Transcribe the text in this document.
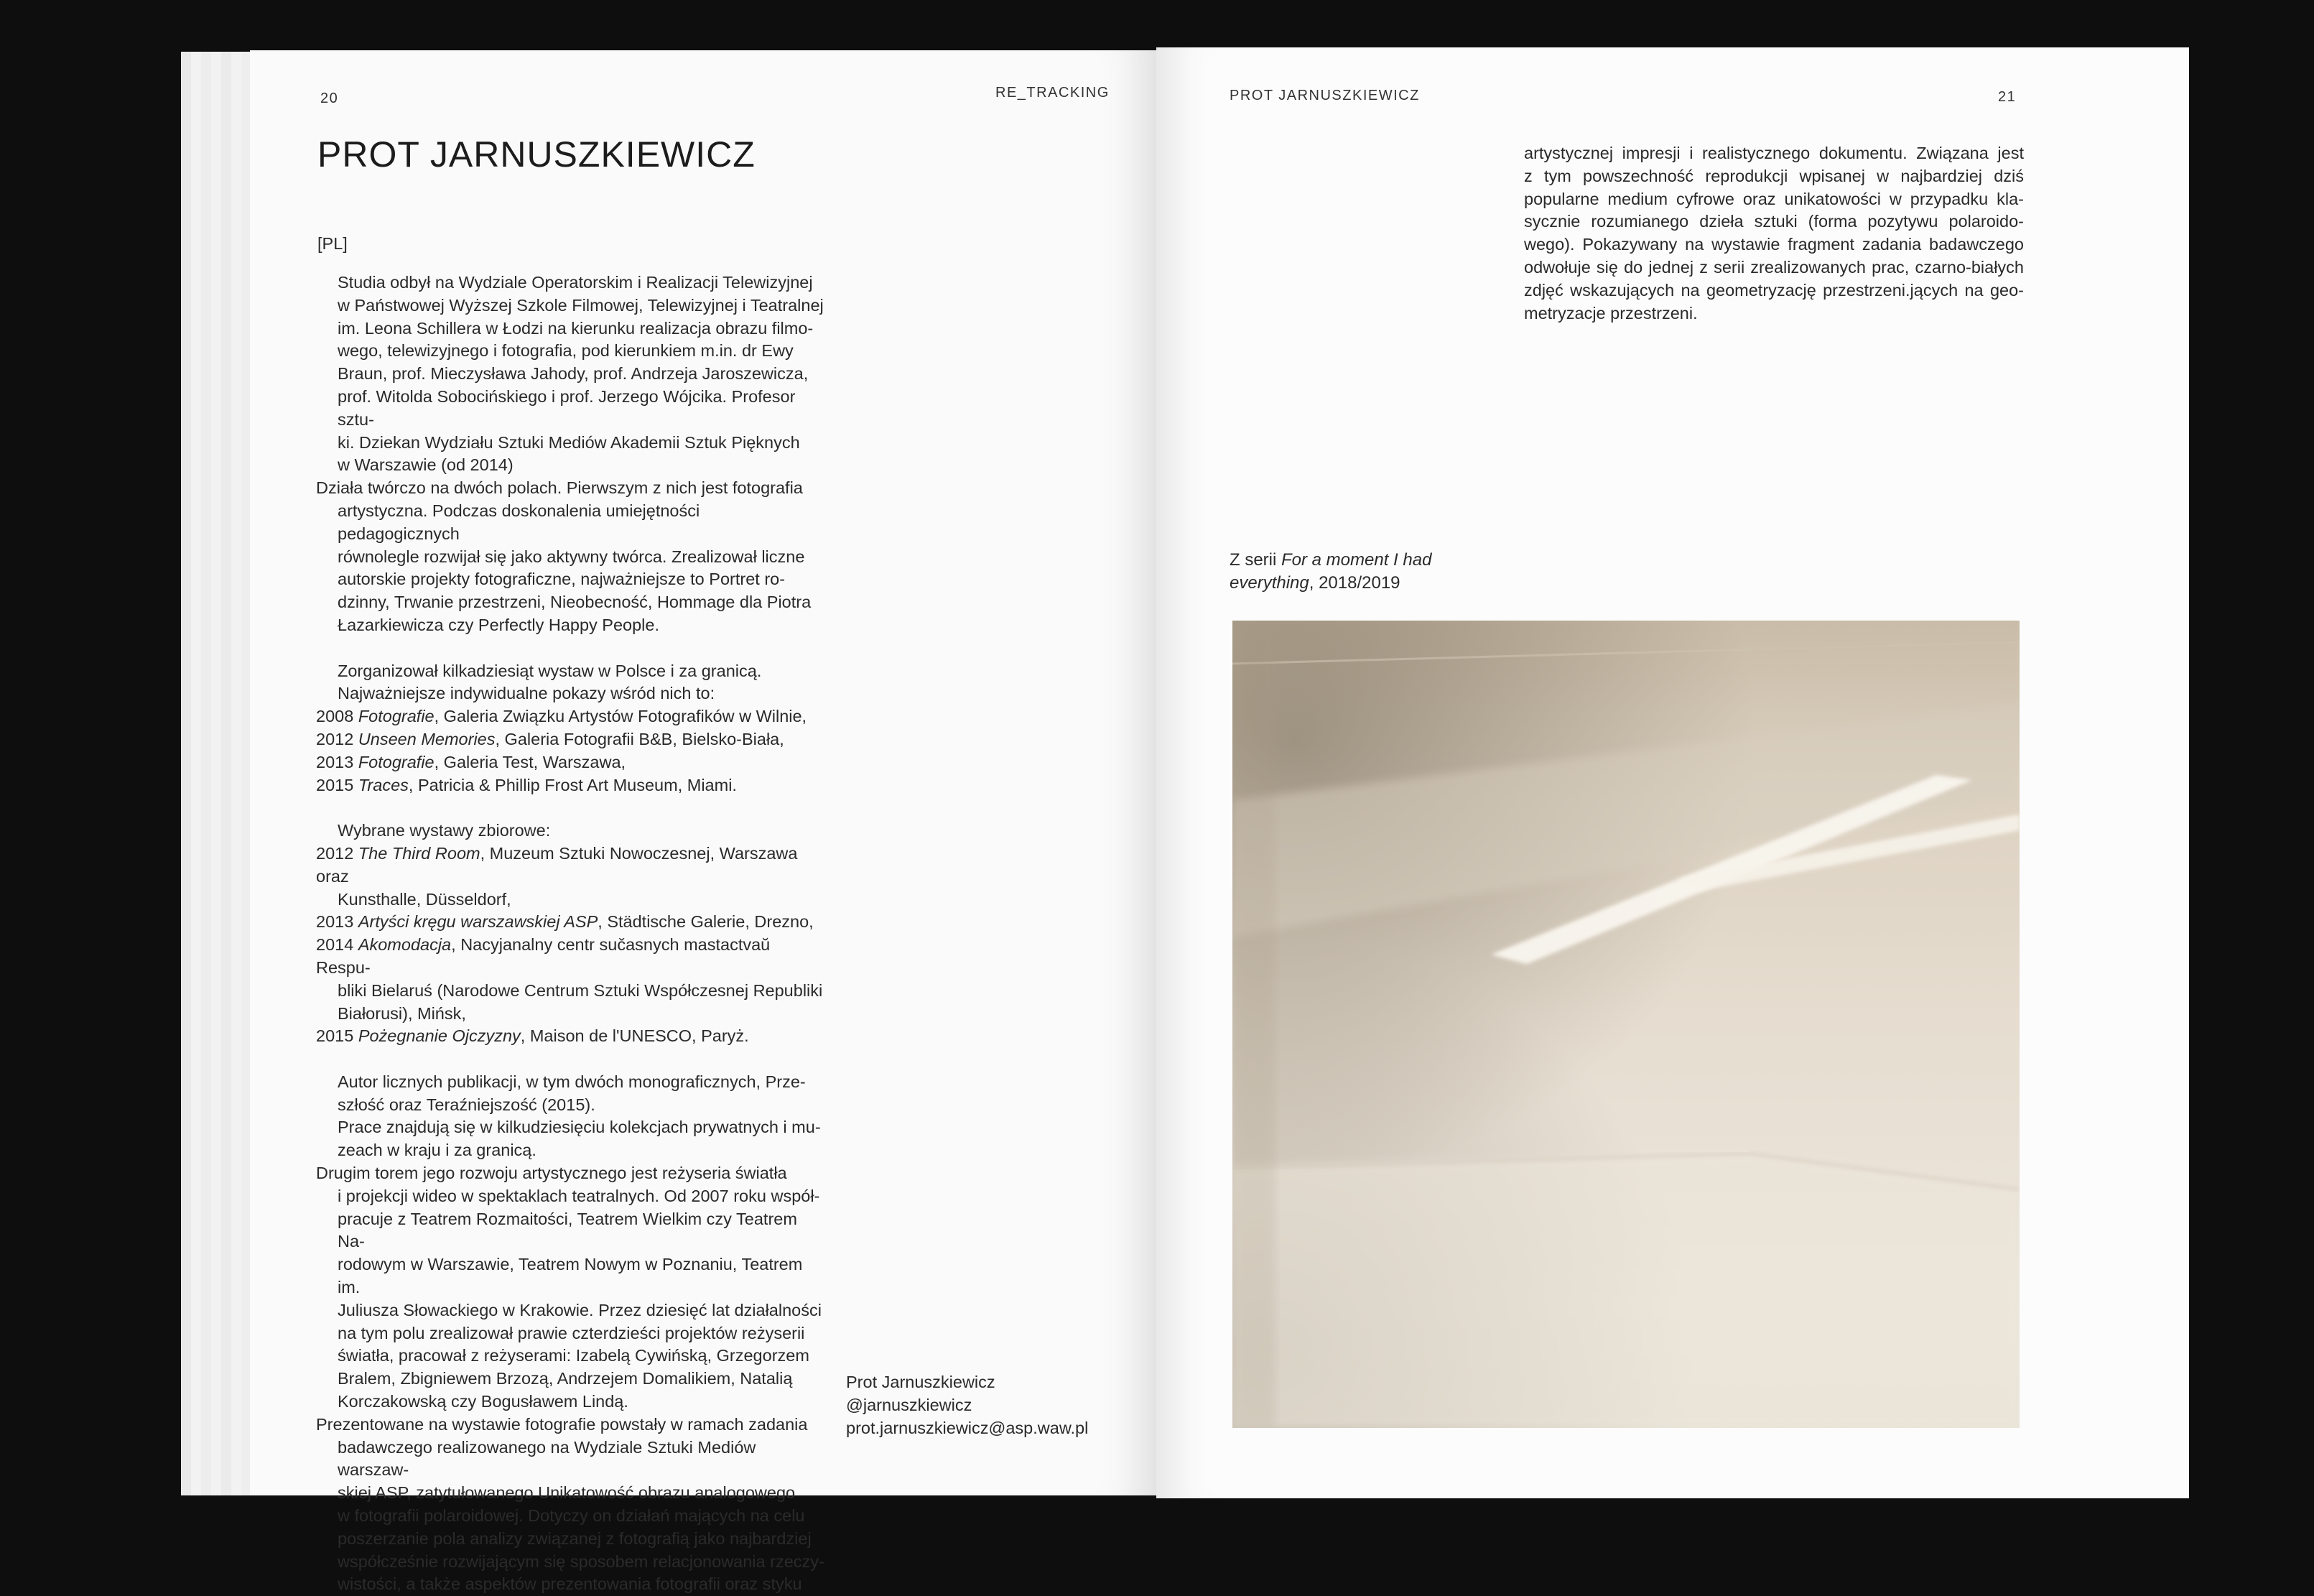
20	RE_TRACKING
PROT JARNUSZKIEWICZ
[PL]

Studia odbył na Wydziale Operatorskim i Realizacji Telewizyjnej

w Państwowej Wyższej Szkole Filmowej, Telewizyjnej i Teatralnej

im. Leona Schillera w Łodzi na kierunku realizacja obrazu filmo-

wego, telewizyjnego i fotografia, pod kierunkiem m.in. dr Ewy

Braun, prof. Mieczysława Jahody, prof. Andrzeja Jaroszewicza,

prof. Witolda Sobocińskiego i prof. Jerzego Wójcika. Profesor sztu-

ki. Dziekan Wydziału Sztuki Mediów Akademii Sztuk Pięknych

w Warszawie (od 2014)

Działa twórczo na dwóch polach. Pierwszym z nich jest fotografia

artystyczna. Podczas doskonalenia umiejętności pedagogicznych

równolegle rozwijał się jako aktywny twórca. Zrealizował liczne

autorskie projekty fotograficzne, najważniejsze to Portret ro-

dzinny, Trwanie przestrzeni, Nieobecność, Hommage dla Piotra

Łazarkiewicza czy Perfectly Happy People.

Zorganizował kilkadziesiąt wystaw w Polsce i za granicą.

Najważniejsze indywidualne pokazy wśród nich to:

2008 Fotografie, Galeria Związku Artystów Fotografików w Wilnie,

2012 Unseen Memories, Galeria Fotografii B&B, Bielsko-Biała,

2013 Fotografie, Galeria Test, Warszawa,

2015 Traces, Patricia & Phillip Frost Art Museum, Miami.

Wybrane wystawy zbiorowe:

2012 The Third Room, Muzeum Sztuki Nowoczesnej, Warszawa oraz

Kunsthalle, Düsseldorf,

2013 Artyści kręgu warszawskiej ASP, Städtische Galerie, Drezno,

2014 Akomodacja, Nacyjanalny centr sučasnych mastactvaŭ Respu-

bliki Bielaruś (Narodowe Centrum Sztuki Współczesnej Republiki

Białorusi), Mińsk,

2015 Pożegnanie Ojczyzny, Maison de l'UNESCO, Paryż.

Autor licznych publikacji, w tym dwóch monograficznych, Prze-

szłość oraz Teraźniejszość (2015).

Prace znajdują się w kilkudziesięciu kolekcjach prywatnych i mu-

zeach w kraju i za granicą.

Drugim torem jego rozwoju artystycznego jest reżyseria światła

i projekcji wideo w spektaklach teatralnych. Od 2007 roku współ-

pracuje z Teatrem Rozmaitości, Teatrem Wielkim czy Teatrem Na-

rodowym w Warszawie, Teatrem Nowym w Poznaniu, Teatrem im.

Juliusza Słowackiego w Krakowie. Przez dziesięć lat działalności

na tym polu zrealizował prawie czterdzieści projektów reżyserii

światła, pracował z reżyserami: Izabelą Cywińską, Grzegorzem

Bralem, Zbigniewem Brzozą, Andrzejem Domalikiem, Natalią

Korczakowską czy Bogusławem Lindą.

Prezentowane na wystawie fotografie powstały w ramach zadania

badawczego realizowanego na Wydziale Sztuki Mediów warszaw-

skiej ASP, zatytułowanego Unikatowość obrazu analogowego

w fotografii polaroidowej. Dotyczy on działań mających na celu

poszerzanie pola analizy związanej z fotografią jako najbardziej

współcześnie rozwijającym się sposobem relacjonowania rzeczy-

wistości, a także aspektów prezentowania fotografii oraz styku

Prot Jarnuszkiewicz
@jarnuszkiewicz
prot.jarnuszkiewicz@asp.waw.pl
PROT JARNUSZKIEWICZ	21

artystycznej impresji i realistycznego dokumentu. Związana jest

z tym powszechność reprodukcji wpisanej w najbardziej dziś

popularne medium cyfrowe oraz unikatowości w przypadku kla-

sycznie rozumianego dzieła sztuki (forma pozytywu polaroido-

wego). Pokazywany na wystawie fragment zadania badawczego

odwołuje się do jednej z serii zrealizowanych prac, czarno-białych

zdjęć wskazujących na geometryzację przestrzeni.jących na geo-

metryzacje przestrzeni.

Z serii For a moment I had
everything, 2018/2019
